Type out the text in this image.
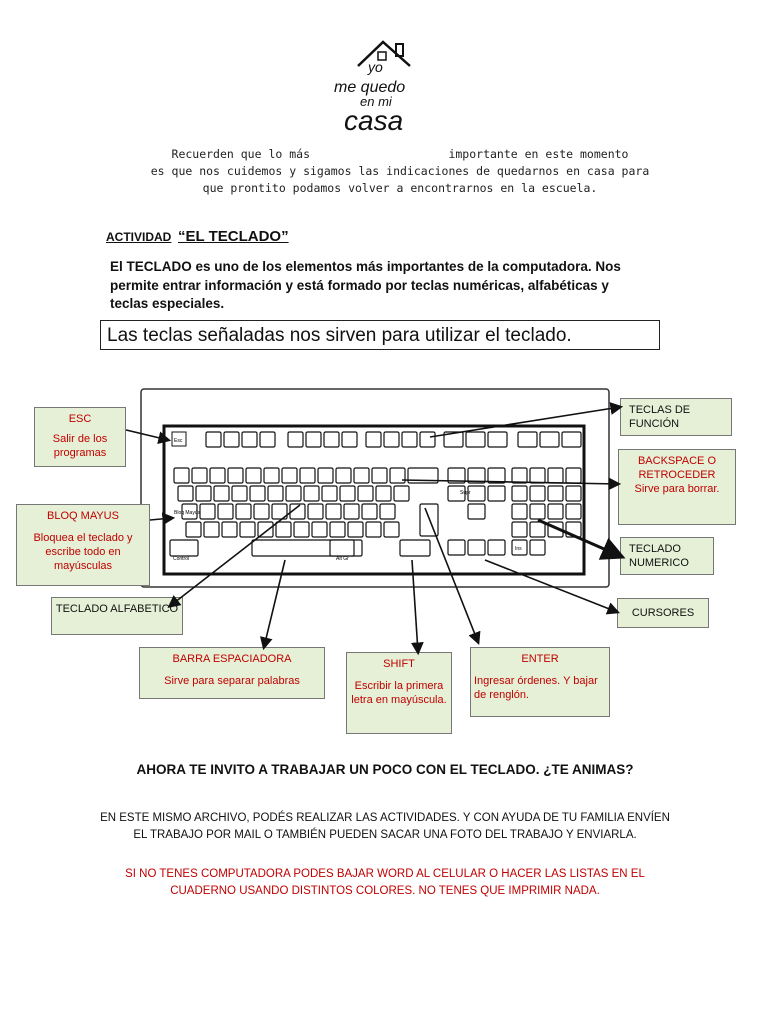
yo
me quedo
en mi
casa
Recuerden que lo más                    importante en este momento
es que nos cuidemos y sigamos las indicaciones de quedarnos en casa para
que prontito podamos volver a encontrarnos en la escuela.
ACTIVIDAD “EL TECLADO”
El TECLADO es uno de los elementos más importantes de la computadora. Nos permite entrar información y está formado por teclas numéricas, alfabéticas y teclas especiales.
Las teclas señaladas nos sirven para utilizar el teclado.
Esc
Bloq Mayús
Control	Alt Gr
Supr
Ins
ESC
Salir de los programas
TECLAS DE FUNCIÓN
BACKSPACE O RETROCEDER
Sirve para borrar.
BLOQ MAYUS
Bloquea el teclado y escribe todo en mayúsculas
TECLADO NUMERICO
TECLADO ALFABETICO	CURSORES
BARRA ESPACIADORA
Sirve para separar palabras
SHIFT
Escribir la primera letra en mayúscula.
ENTER
Ingresar órdenes. Y bajar de renglón.
AHORA TE INVITO A TRABAJAR UN POCO CON EL TECLADO. ¿TE ANIMAS?
EN ESTE MISMO ARCHIVO, PODÉS REALIZAR LAS ACTIVIDADES. Y CON AYUDA DE TU FAMILIA ENVÍEN EL TRABAJO POR MAIL O TAMBIÉN PUEDEN SACAR UNA FOTO DEL TRABAJO Y ENVIARLA.
SI NO TENES COMPUTADORA PODES BAJAR WORD AL CELULAR O HACER LAS LISTAS EN EL CUADERNO USANDO DISTINTOS COLORES. NO TENES QUE IMPRIMIR NADA.
